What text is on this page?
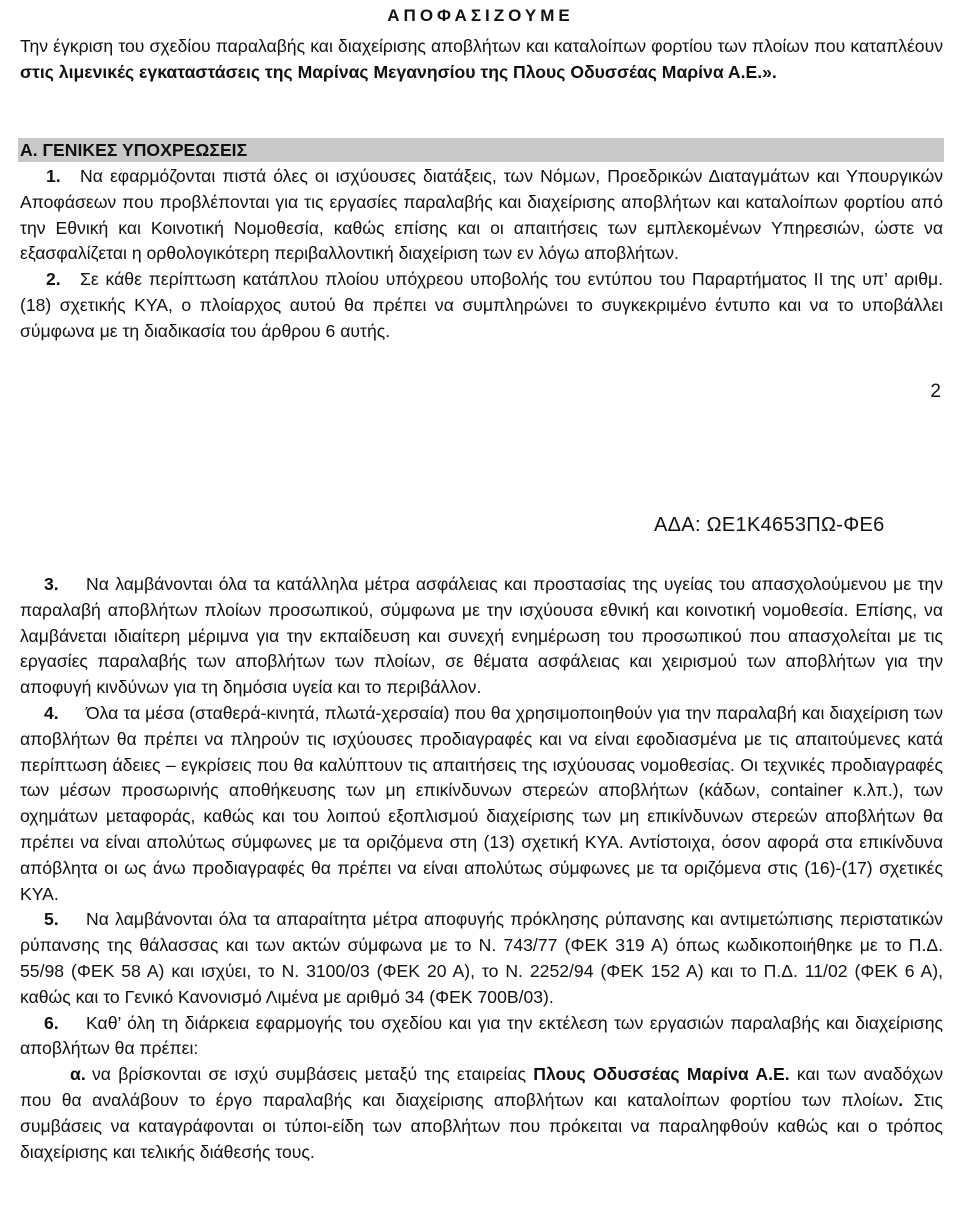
ΑΠΟΦΑΣΙΖΟΥΜΕ

Την έγκριση του σχεδίου παραλαβής και διαχείρισης αποβλήτων και καταλοίπων φορτίου των πλοίων που καταπλέουν στις λιμενικές εγκαταστάσεις της Μαρίνας Μεγανησίου της Πλους Οδυσσέας Μαρίνα Α.Ε.».

Α. ΓΕΝΙΚΕΣ ΥΠΟΧΡΕΩΣΕΙΣ

1. Να εφαρμόζονται πιστά όλες οι ισχύουσες διατάξεις, των Νόμων, Προεδρικών Διαταγμάτων και Υπουργικών Αποφάσεων που προβλέπονται για τις εργασίες παραλαβής και διαχείρισης αποβλήτων και καταλοίπων φορτίου από την Εθνική και Κοινοτική Νομοθεσία, καθώς επίσης και οι απαιτήσεις των εμπλεκομένων Υπηρεσιών, ώστε να εξασφαλίζεται η ορθολογικότερη περιβαλλοντική διαχείριση των εν λόγω αποβλήτων.

2. Σε κάθε περίπτωση κατάπλου πλοίου υπόχρεου υποβολής του εντύπου του Παραρτήματος ΙΙ της υπ’ αριθμ. (18) σχετικής ΚΥΑ, ο πλοίαρχος αυτού θα πρέπει να συμπληρώνει το συγκεκριμένο έντυπο και να το υποβάλλει σύμφωνα με τη διαδικασία του άρθρου 6 αυτής.

2
ΑΔΑ: ΩΕ1Κ4653ΠΩ-ΦΕ6

3. Να λαμβάνονται όλα τα κατάλληλα μέτρα ασφάλειας και προστασίας της υγείας του απασχολούμενου με την παραλαβή αποβλήτων πλοίων προσωπικού, σύμφωνα με την ισχύουσα εθνική και κοινοτική νομοθεσία. Επίσης, να λαμβάνεται ιδιαίτερη μέριμνα για την εκπαίδευση και συνεχή ενημέρωση του προσωπικού που απασχολείται με τις εργασίες παραλαβής των αποβλήτων των πλοίων, σε θέματα ασφάλειας και χειρισμού των αποβλήτων για την αποφυγή κινδύνων για τη δημόσια υγεία και το περιβάλλον.

4. Όλα τα μέσα (σταθερά-κινητά, πλωτά-χερσαία) που θα χρησιμοποιηθούν για την παραλαβή και διαχείριση των αποβλήτων θα πρέπει να πληρούν τις ισχύουσες προδιαγραφές και να είναι εφοδιασμένα με τις απαιτούμενες κατά περίπτωση άδειες – εγκρίσεις που θα καλύπτουν τις απαιτήσεις της ισχύουσας νομοθεσίας. Οι τεχνικές προδιαγραφές των μέσων προσωρινής αποθήκευσης των μη επικίνδυνων στερεών αποβλήτων (κάδων, container κ.λπ.), των οχημάτων μεταφοράς, καθώς και του λοιπού εξοπλισμού διαχείρισης των μη επικίνδυνων στερεών αποβλήτων θα πρέπει να είναι απολύτως σύμφωνες με τα οριζόμενα στη (13) σχετική ΚΥΑ. Αντίστοιχα, όσον αφορά στα επικίνδυνα απόβλητα οι ως άνω προδιαγραφές θα πρέπει να είναι απολύτως σύμφωνες με τα οριζόμενα στις (16)-(17) σχετικές ΚΥΑ.

5. Να λαμβάνονται όλα τα απαραίτητα μέτρα αποφυγής πρόκλησης ρύπανσης και αντιμετώπισης περιστατικών ρύπανσης της θάλασσας και των ακτών σύμφωνα με το Ν. 743/77 (ΦΕΚ 319 Α) όπως κωδικοποιήθηκε με το Π.Δ. 55/98 (ΦΕΚ 58 Α) και ισχύει, το Ν. 3100/03 (ΦΕΚ 20 Α), το Ν. 2252/94 (ΦΕΚ 152 Α) και το Π.Δ. 11/02 (ΦΕΚ 6 Α), καθώς και το Γενικό Κανονισμό Λιμένα με αριθμό 34 (ΦΕΚ 700Β/03).

6. Καθ’ όλη τη διάρκεια εφαρμογής του σχεδίου και για την εκτέλεση των εργασιών παραλαβής και διαχείρισης αποβλήτων θα πρέπει:

α. να βρίσκονται σε ισχύ συμβάσεις μεταξύ της εταιρείας Πλους Οδυσσέας Μαρίνα Α.Ε. και των αναδόχων που θα αναλάβουν το έργο παραλαβής και διαχείρισης αποβλήτων και καταλοίπων φορτίου των πλοίων. Στις συμβάσεις να καταγράφονται οι τύποι-είδη των αποβλήτων που πρόκειται να παραληφθούν καθώς και ο τρόπος διαχείρισης και τελικής διάθεσής τους.
